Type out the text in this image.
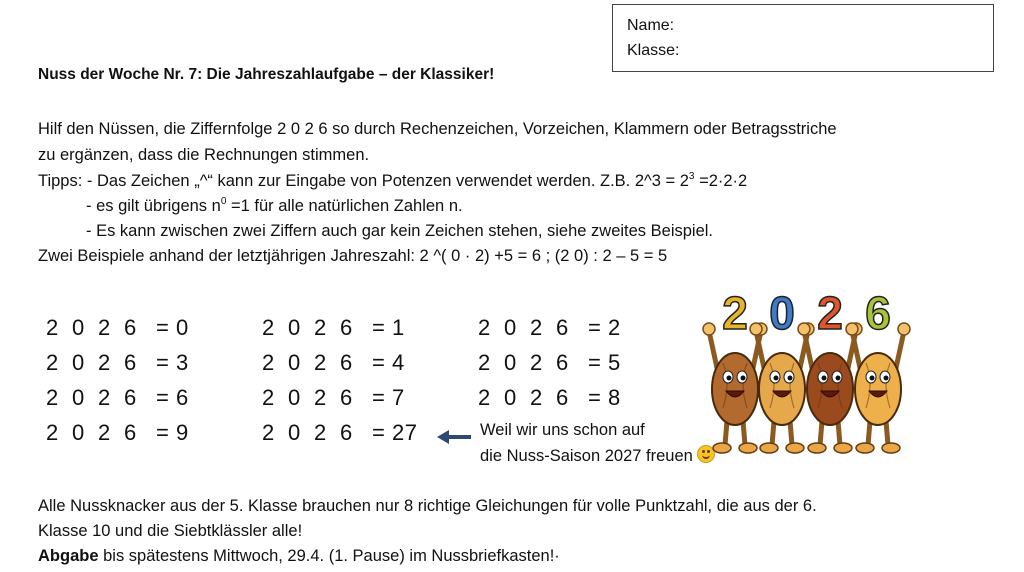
Name:
Klasse:
Nuss der Woche Nr. 7: Die Jahreszahlaufgabe – der Klassiker!
Hilf den Nüssen, die Ziffernfolge 2 0 2 6 so durch Rechenzeichen, Vorzeichen, Klammern oder Betragsstriche
zu ergänzen, dass die Rechnungen stimmen.
Tipps: - Das Zeichen „^“ kann zur Eingabe von Potenzen verwendet werden. Z.B. 2^3 = $2^3 =2\cdot 2\cdot 2$
- es gilt übrigens $n^0 =1$ für alle natürlichen Zahlen n.
- Es kann zwischen zwei Ziffern auch gar kein Zeichen stehen, siehe zweites Beispiel.
Zwei Beispiele anhand der letztjährigen Jahreszahl: 2 ^( 0 · 2) +5 = 6 ; (2 0) : 2 – 5 = 5
2 0 2 6 = 0	2 0 2 6 = 1	2 0 2 6 = 2
2 0 2 6 = 3	2 0 2 6 = 4	2 0 2 6 = 5
2 0 2 6 = 6	2 0 2 6 = 7	2 0 2 6 = 8
2 0 2 6 = 9	2 0 2 6 = 27	Weil wir uns schon auf
die Nuss-Saison 2027 freuen
2 0 2 6
Alle Nussknacker aus der 5. Klasse brauchen nur 8 richtige Gleichungen für volle Punktzahl, die aus der 6.
Klasse 10 und die Siebtklässler alle!
Abgabe bis spätestens Mittwoch, 29.4. (1. Pause) im Nussbriefkasten!·
